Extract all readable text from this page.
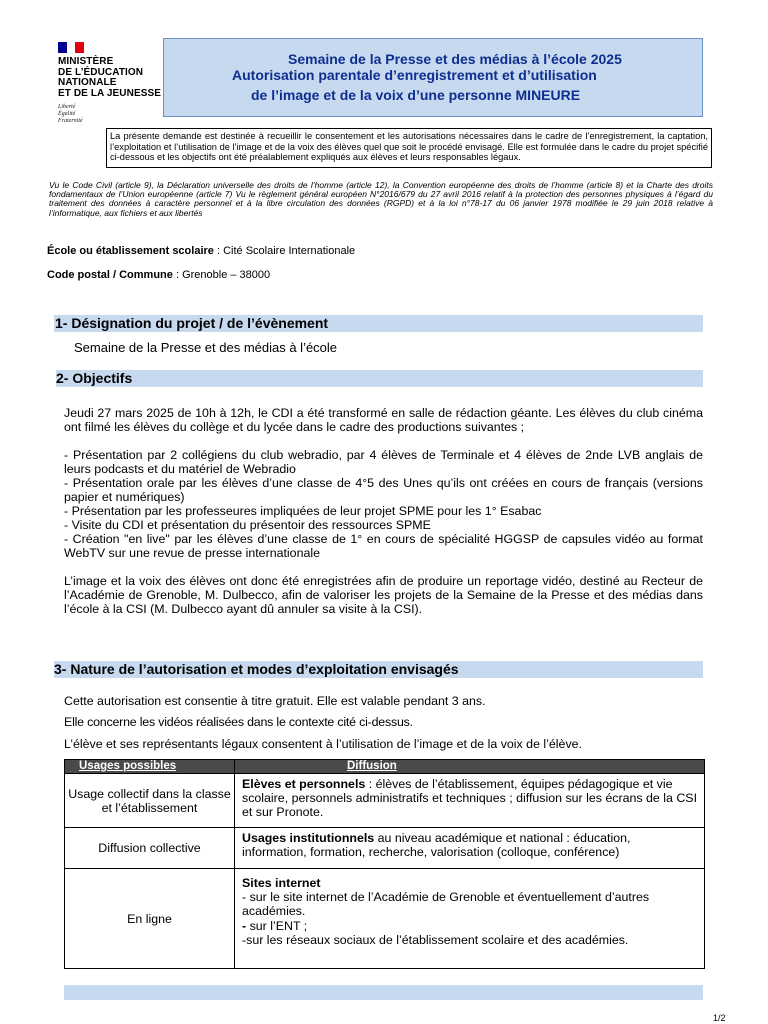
MINISTÈRE

DE L’ÉDUCATION

NATIONALE

ET DE LA JEUNESSE

Liberté
Égalité
Fraternité
Semaine de la Presse et des médias à l’école 2025
Autorisation parentale d’enregistrement et d’utilisation
de l’image et de la voix d’une personne MINEURE
La présente demande est destinée à recueillir le consentement et les autorisations nécessaires dans le cadre de l’enregistrement, la captation, l’exploitation et l’utilisation de l’image et de la voix des élèves quel que soit le procédé envisagé. Elle est formulée dans le cadre du projet spécifié ci-dessous et les objectifs ont été préalablement expliqués aux élèves et leurs responsables légaux.
Vu le Code Civil (article 9), la Déclaration universelle des droits de l’homme (article 12), la Convention européenne des droits de l’homme (article 8) et la Charte des droits fondamentaux de l’Union européenne (article 7) Vu le règlement général européen N°2016/679 du 27 avril 2016 relatif à la protection des personnes physiques à l’égard du traitement des données à caractère personnel et à la libre circulation des données (RGPD) et à la loi n°78-17 du 06 janvier 1978 modifiée le 29 juin 2018 relative à l’informatique, aux fichiers et aux libertés
École ou établissement scolaire : Cité Scolaire Internationale
Code postal / Commune : Grenoble – 38000
1- Désignation du projet / de l’évènement
Semaine de la Presse et des médias à l’école
2- Objectifs
Jeudi 27 mars 2025 de 10h à 12h, le CDI a été transformé en salle de rédaction géante. Les élèves du club cinéma ont filmé les élèves du collège et du lycée dans le cadre des productions suivantes ;
- Présentation par 2 collégiens du club webradio, par 4 élèves de Terminale et 4 élèves de 2nde LVB anglais de leurs podcasts et du matériel de Webradio
- Présentation orale par les élèves d’une classe de 4°5 des Unes qu’ils ont créées en cours de français (versions papier et numériques)
- Présentation par les professeures impliquées de leur projet SPME pour les 1° Esabac
- Visite du CDI et présentation du présentoir des ressources SPME
- Création "en live" par les élèves d’une classe de 1° en cours de spécialité HGGSP de capsules vidéo au format WebTV sur une revue de presse internationale
L’image et la voix des élèves ont donc été enregistrées afin de produire un reportage vidéo, destiné au Recteur de l’Académie de Grenoble, M. Dulbecco, afin de valoriser les projets de la Semaine de la Presse et des médias dans l’école à la CSI (M. Dulbecco ayant dû annuler sa visite à la CSI).
3- Nature de l’autorisation et modes d’exploitation envisagés
Cette autorisation est consentie à titre gratuit. Elle est valable pendant 3 ans.
Elle concerne les vidéos réalisées dans le contexte cité ci-dessus.
L’élève et ses représentants légaux consentent à l’utilisation de l’image et de la voix de l’élève.
Usages possibles	Diffusion
Usage collectif dans la classe et l’établissement	Elèves et personnels : élèves de l’établissement, équipes pédagogique et vie scolaire, personnels administratifs et techniques ; diffusion sur les écrans de la CSI et sur Pronote.
Diffusion collective	Usages institutionnels au niveau académique et national : éducation, information, formation, recherche, valorisation (colloque, conférence)
En ligne	Sites internet
- sur le site internet de l’Académie de Grenoble et éventuellement d’autres académies.
- sur l’ENT ;
-sur les réseaux sociaux de l’établissement scolaire et des académies.
1/2
